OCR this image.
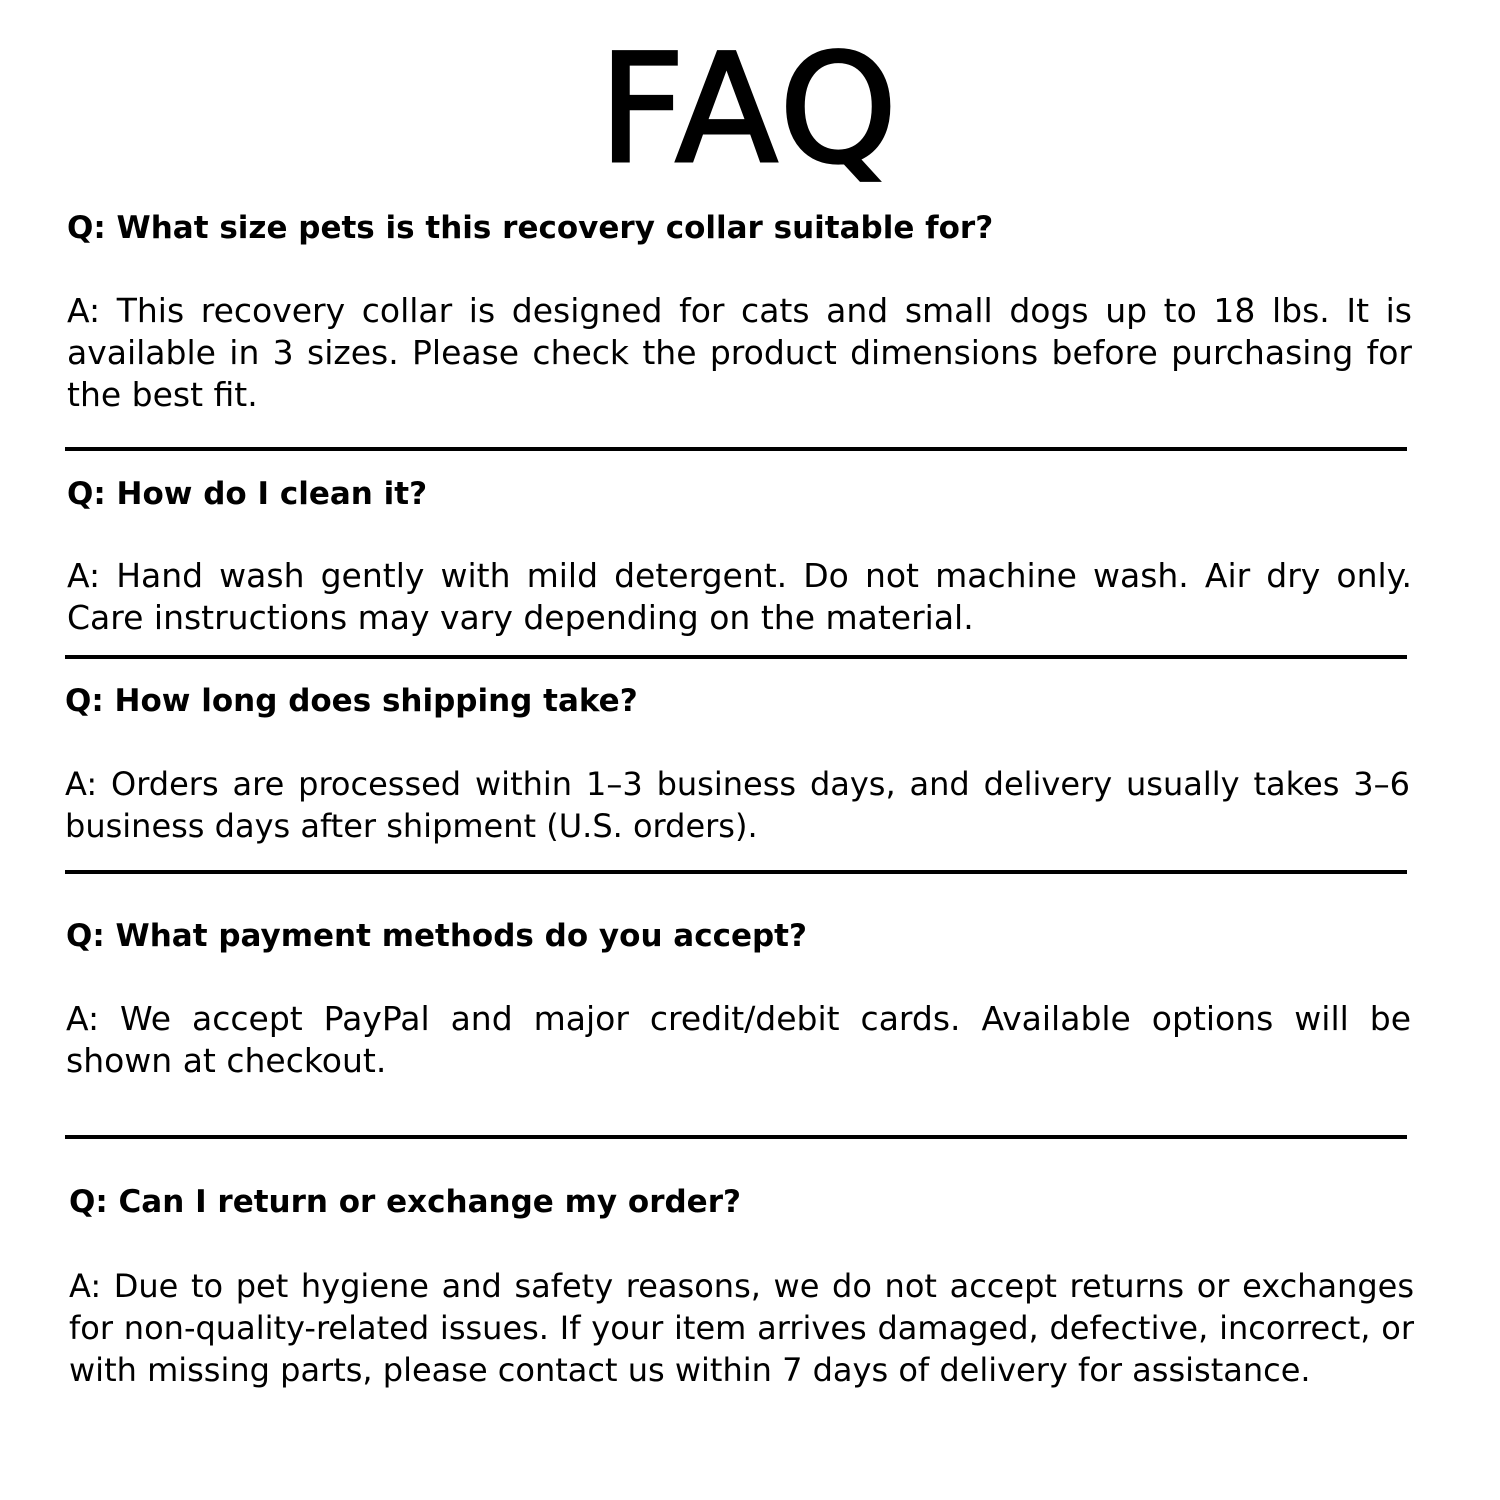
FAQ
Q: What size pets is this recovery collar suitable for?
A: This recovery collar is designed for cats and small dogs up to 18 lbs. It is available in 3 sizes. Please check the product dimensions before purchasing for the best fit.
Q: How do I clean it?
A: Hand wash gently with mild detergent. Do not machine wash. Air dry only. Care instructions may vary depending on the material.
Q: How long does shipping take?
A: Orders are processed within 1–3 business days, and delivery usually takes 3–6 business days after shipment (U.S. orders).
Q: What payment methods do you accept?
A: We accept PayPal and major credit/debit cards. Available options will be shown at checkout.
Q: Can I return or exchange my order?
A: Due to pet hygiene and safety reasons, we do not accept returns or exchanges for non-quality-related issues. If your item arrives damaged, defective, incorrect, or with missing parts, please contact us within 7 days of delivery for assistance.
